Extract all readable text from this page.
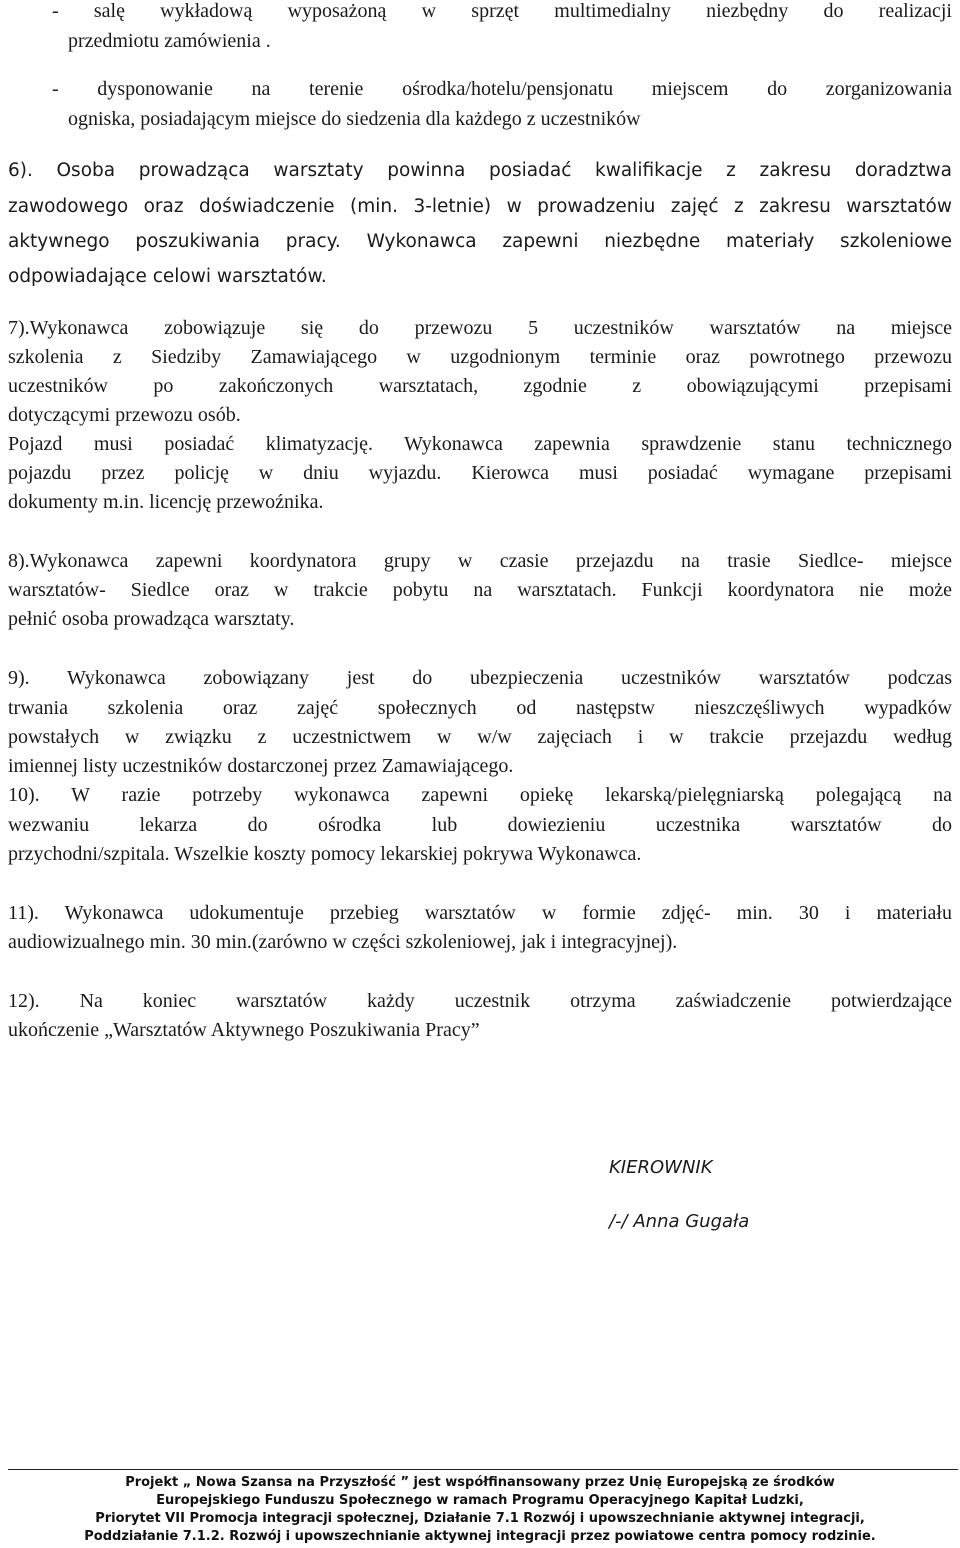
- salę wykładową wyposażoną w sprzęt multimedialny niezbędny do realizacji
przedmiotu zamówienia .
- dysponowanie na terenie ośrodka/hotelu/pensjonatu miejscem do zorganizowania
ogniska, posiadającym miejsce do siedzenia dla każdego z uczestników
6). Osoba prowadząca warsztaty powinna posiadać kwalifikacje z zakresu doradztwa
zawodowego oraz doświadczenie (min. 3-letnie) w prowadzeniu zajęć z zakresu warsztatów
aktywnego poszukiwania pracy. Wykonawca zapewni niezbędne materiały szkoleniowe
odpowiadające celowi warsztatów.
7).Wykonawca zobowiązuje się do przewozu 5 uczestników warsztatów na miejsce
szkolenia z Siedziby Zamawiającego w uzgodnionym terminie oraz powrotnego przewozu
uczestników po zakończonych warsztatach, zgodnie z obowiązującymi przepisami
dotyczącymi przewozu osób.
Pojazd musi posiadać klimatyzację. Wykonawca zapewnia sprawdzenie stanu technicznego
pojazdu przez policję w dniu wyjazdu. Kierowca musi posiadać wymagane przepisami
dokumenty m.in. licencję przewoźnika.
8).Wykonawca zapewni koordynatora grupy w czasie przejazdu na trasie Siedlce- miejsce
warsztatów- Siedlce oraz w trakcie pobytu na warsztatach. Funkcji koordynatora nie może
pełnić osoba prowadząca warsztaty.
9). Wykonawca zobowiązany jest do ubezpieczenia uczestników warsztatów podczas
trwania szkolenia oraz zajęć społecznych od następstw nieszczęśliwych wypadków
powstałych w związku z uczestnictwem w w/w zajęciach i w trakcie przejazdu według
imiennej listy uczestników dostarczonej przez Zamawiającego.
10). W razie potrzeby wykonawca zapewni opiekę lekarską/pielęgniarską polegającą na
wezwaniu lekarza do ośrodka lub dowiezieniu uczestnika warsztatów do
przychodni/szpitala. Wszelkie koszty pomocy lekarskiej pokrywa Wykonawca.
11). Wykonawca udokumentuje przebieg warsztatów w formie zdjęć- min. 30 i materiału
audiowizualnego min. 30 min.(zarówno w części szkoleniowej, jak i integracyjnej).
12). Na koniec warsztatów każdy uczestnik otrzyma zaświadczenie potwierdzające
ukończenie „Warsztatów Aktywnego Poszukiwania Pracy”
KIEROWNIK
/-/ Anna Gugała
Projekt „ Nowa Szansa na Przyszłość ” jest współfinansowany przez Unię Europejską ze środków
Europejskiego Funduszu Społecznego w ramach Programu Operacyjnego Kapitał Ludzki,
Priorytet VII Promocja integracji społecznej, Działanie 7.1 Rozwój i upowszechnianie aktywnej integracji,
Poddziałanie 7.1.2. Rozwój i upowszechnianie aktywnej integracji przez powiatowe centra pomocy rodzinie.
